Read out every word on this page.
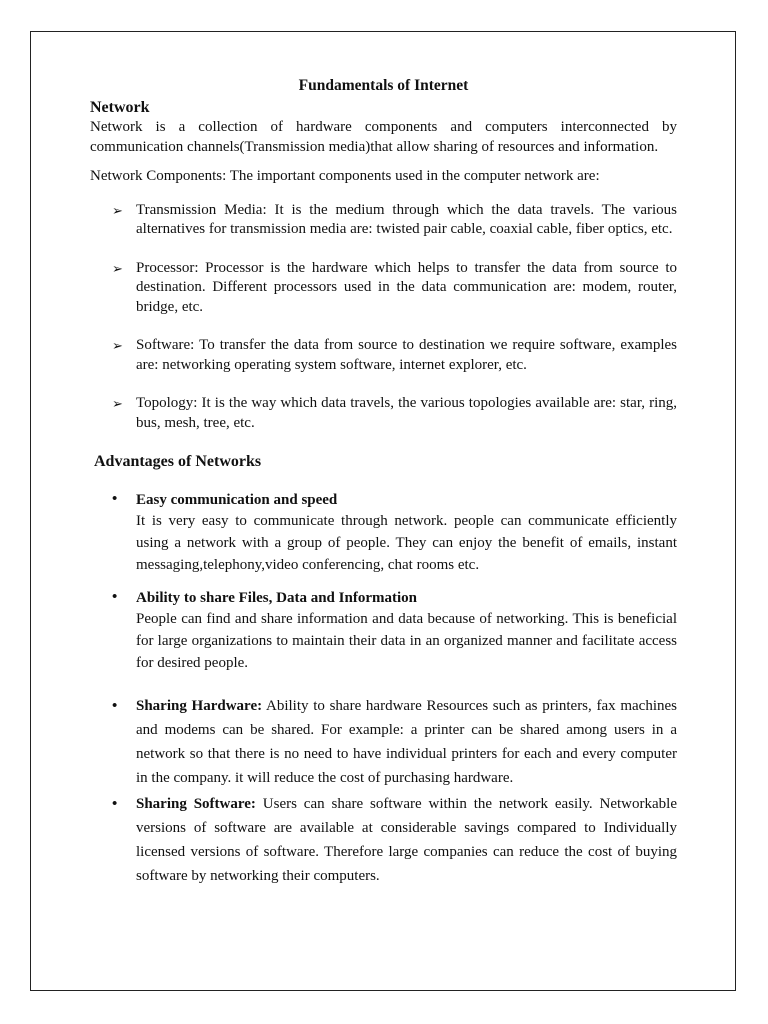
Fundamentals of Internet
Network

Network is a collection of hardware components and computers interconnected by communication channels(Transmission media)that allow sharing of resources and information.

Network Components: The important components used in the computer network are:

➢ Transmission Media: It is the medium through which the data travels. The various alternatives for transmission media are: twisted pair cable, coaxial cable, fiber optics, etc.
➢ Processor: Processor is the hardware which helps to transfer the data from source to destination. Different processors used in the data communication are: modem, router, bridge, etc.
➢ Software: To transfer the data from source to destination we require software, examples are: networking operating system software, internet explorer, etc.
➢ Topology: It is the way which data travels, the various topologies available are: star, ring, bus, mesh, tree, etc.
Advantages of Networks
• Easy communication and speed
It is very easy to communicate through network. people can communicate efficiently using a network with a group of people. They can enjoy the benefit of emails, instant messaging,telephony,video conferencing, chat rooms etc.
• Ability to share Files, Data and Information
People can find and share information and data because of networking. This is beneficial for large organizations to maintain their data in an organized manner and facilitate access for desired people.
• Sharing Hardware: Ability to share hardware Resources such as printers, fax machines and modems can be shared. For example: a printer can be shared among users in a network so that there is no need to have individual printers for each and every computer in the company. it will reduce the cost of purchasing hardware.
• Sharing Software: Users can share software within the network easily. Networkable versions of software are available at considerable savings compared to Individually licensed versions of software. Therefore large companies can reduce the cost of buying software by networking their computers.
